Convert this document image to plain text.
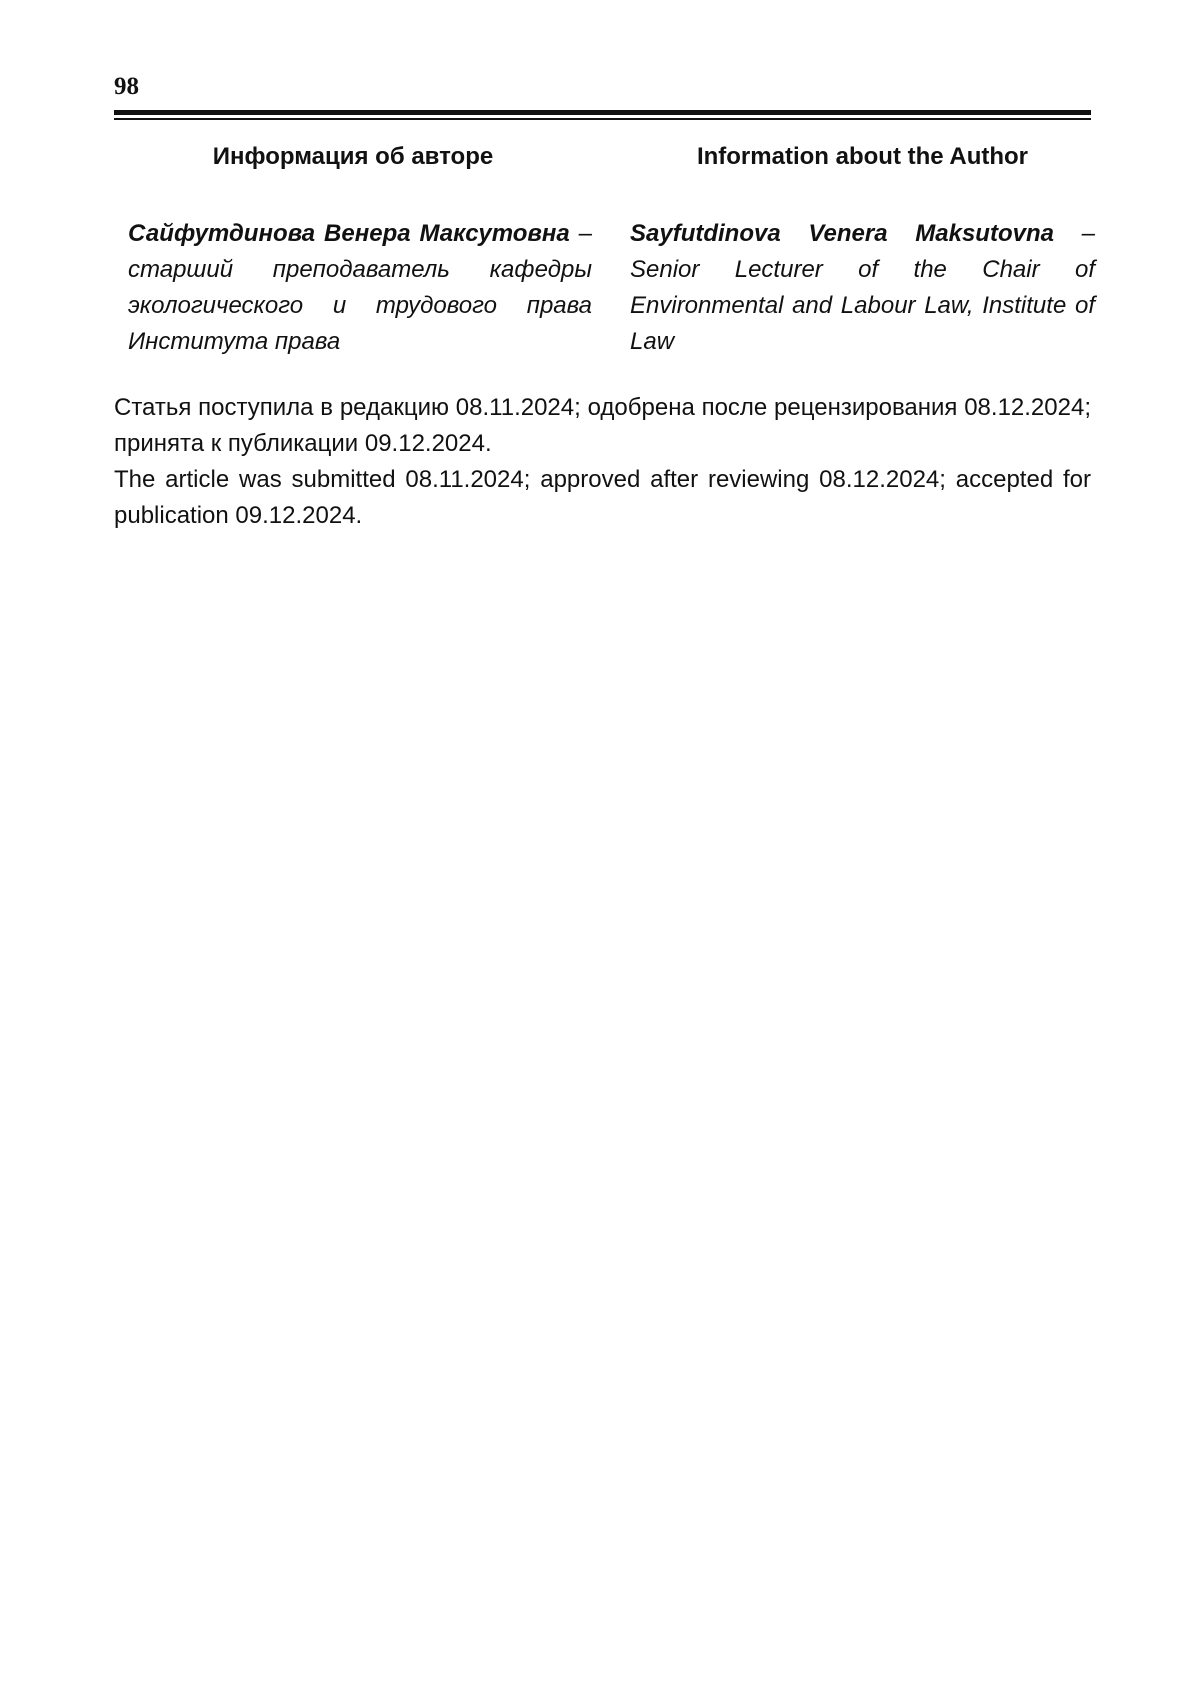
98
Информация об авторе
Сайфутдинова Венера Максутовна – старший преподаватель кафедры экологического и трудового права Института права
Information about the Author
Sayfutdinova Venera Maksutovna – Senior Lecturer of the Chair of Environmental and Labour Law, Institute of Law

Статья поступила в редакцию 08.11.2024; одобрена после рецензирования 08.12.2024; принята к публикации 09.12.2024.

The article was submitted 08.11.2024; approved after reviewing 08.12.2024; accepted for publication 09.12.2024.
